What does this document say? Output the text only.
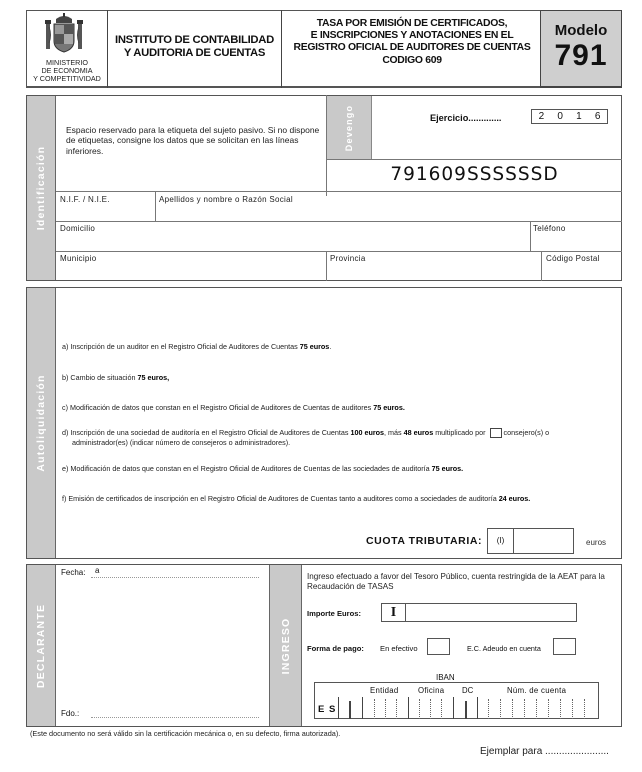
MINISTERIO
DE ECONOMIA
Y COMPETITIVIDAD
INSTITUTO DE CONTABILIDAD
Y AUDITORIA DE CUENTAS
TASA POR EMISIÓN DE CERTIFICADOS,
E INSCRIPCIONES Y ANOTACIONES EN EL
REGISTRO OFICIAL DE AUDITORES DE CUENTAS
CODIGO 609
Modelo
791
Identificación
Espacio reservado para la etiqueta del sujeto pasivo. Si no dispone de etiquetas, consigne los datos que se solicitan en las líneas inferiores.	Devengo	Ejercicio.............	2 0 1 6
791609SSSSSSD
N.I.F. / N.I.E.	Apellidos y nombre o Razón Social
Domicilio	Teléfono
Municipio	Provincia	Código Postal
Autoliquidación
a) Inscripción de un auditor en el Registro Oficial de Auditores de Cuentas 75 euros.
b) Cambio de situación 75 euros,
c) Modificación de datos que constan en el Registro Oficial de Auditores de Cuentas de auditores 75 euros.
d) Inscripción de una sociedad de auditoría en el Registro Oficial de Auditores de Cuentas 100 euros, más 48 euros multiplicado por	consejero(s) o
administrador(es) (indicar número de consejeros o administradores).
e) Modificación de datos que constan en el Registro Oficial de Auditores de Cuentas de las sociedades de auditoría 75 euros.
f) Emisión de certificados de inscripción en el Registro Oficial de Auditores de Cuentas tanto a auditores como a sociedades de auditoría 24 euros.
CUOTA TRIBUTARIA:	(I)	euros
DECLARANTE
Fecha:	a
Fdo.:
INGRESO
Ingreso efectuado a favor del Tesoro Público, cuenta restringida de la AEAT para la Recaudación de TASAS
Importe Euros:	I
Forma de pago: En efectivo	E.C. Adeudo en cuenta
IBAN
Entidad Oficina DC	Núm. de cuenta
E S
(Este documento no será válido sin la certificación mecánica o, en su defecto, firma autorizada).
Ejemplar para .......................
